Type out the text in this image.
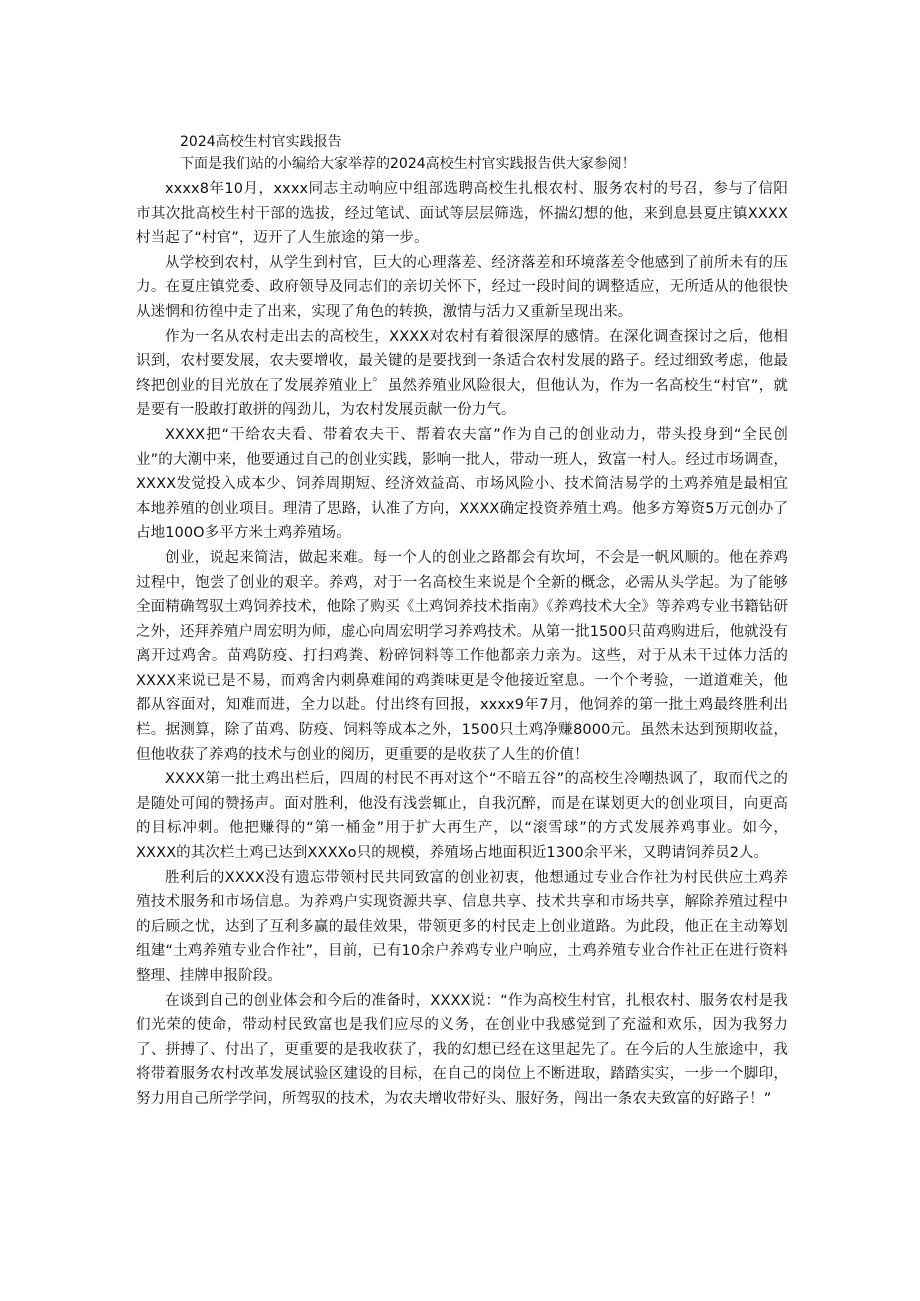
2024高校生村官实践报告

下面是我们站的小编给大家举荐的2024高校生村官实践报告供大家参阅！

xxxx8年10月，xxxx同志主动响应中组部选聘高校生扎根农村、服务农村的号召，参与了信阳市其次批高校生村干部的选拔，经过笔试、面试等层层筛选，怀揣幻想的他，来到息县夏庄镇XXXX村当起了“村官”，迈开了人生旅途的第一步。

从学校到农村，从学生到村官，巨大的心理落差、经济落差和环境落差令他感到了前所未有的压力。在夏庄镇党委、政府领导及同志们的亲切关怀下，经过一段时间的调整适应，无所适从的他很快从迷惘和彷徨中走了出来，实现了角色的转换，激情与活力又重新呈现出来。

作为一名从农村走出去的高校生，XXXX对农村有着很深厚的感情。在深化调查探讨之后，他相识到，农村要发展，农夫要增收，最关键的是要找到一条适合农村发展的路子。经过细致考虑，他最终把创业的目光放在了发展养殖业上゜虽然养殖业风险很大，但他认为，作为一名高校生“村官”，就是要有一股敢打敢拼的闯劲儿，为农村发展贡献一份力气。

XXXX把“干给农夫看、带着农夫干、帮着农夫富”作为自己的创业动力，带头投身到“全民创业”的大潮中来，他要通过自己的创业实践，影响一批人，带动一班人，致富一村人。经过市场调查，XXXX发觉投入成本少、饲养周期短、经济效益高、市场风险小、技术简洁易学的土鸡养殖是最相宜本地养殖的创业项目。理清了思路，认准了方向，XXXX确定投资养殖土鸡。他多方筹资5万元创办了占地100O多平方米土鸡养殖场。

创业，说起来简洁，做起来难。每一个人的创业之路都会有坎坷，不会是一帆风顺的。他在养鸡过程中，饱尝了创业的艰辛。养鸡，对于一名高校生来说是个全新的概念，必需从头学起。为了能够全面精确驾驭土鸡饲养技术，他除了购买《土鸡饲养技术指南》《养鸡技术大全》等养鸡专业书籍钻研之外，还拜养殖户周宏明为师，虚心向周宏明学习养鸡技术。从第一批1500只苗鸡购进后，他就没有离开过鸡舍。苗鸡防疫、打扫鸡粪、粉碎饲料等工作他都亲力亲为。这些，对于从未干过体力活的XXXX来说已是不易，而鸡舍内刺鼻难闻的鸡粪味更是令他接近窒息。一个个考验，一道道难关，他都从容面对，知难而进，全力以赴。付出终有回报，xxxx9年7月，他饲养的第一批土鸡最终胜利出栏。据测算，除了苗鸡、防疫、饲料等成本之外，1500只土鸡净赚8000元。虽然未达到预期收益，但他收获了养鸡的技术与创业的阅历，更重要的是收获了人生的价值！

XXXX第一批土鸡出栏后，四周的村民不再对这个“不暗五谷”的高校生冷嘲热讽了，取而代之的是随处可闻的赞扬声。面对胜利，他没有浅尝辄止，自我沉醉，而是在谋划更大的创业项目，向更高的目标冲刺。他把赚得的“第一桶金”用于扩大再生产，以“滚雪球”的方式发展养鸡事业。如今，XXXX的其次栏土鸡已达到XXXXo只的规模，养殖场占地面积近1300余平米，又聘请饲养员2人。

胜利后的XXXX没有遗忘带领村民共同致富的创业初衷，他想通过专业合作社为村民供应土鸡养殖技术服务和市场信息。为养鸡户实现资源共享、信息共享、技术共享和市场共享，解除养殖过程中的后顾之忧，达到了互利多赢的最佳效果，带领更多的村民走上创业道路。为此段，他正在主动筹划组建“土鸡养殖专业合作社”，目前，已有10余户养鸡专业户响应，土鸡养殖专业合作社正在进行资料整理、挂牌申报阶段。

在谈到自己的创业体会和今后的准备时，XXXX说：“作为高校生村官，扎根农村、服务农村是我们光荣的使命，带动村民致富也是我们应尽的义务，在创业中我感觉到了充溢和欢乐，因为我努力了、拼搏了、付出了，更重要的是我收获了，我的幻想已经在这里起先了。在今后的人生旅途中，我将带着服务农村改革发展试验区建设的目标，在自己的岗位上不断进取，踏踏实实，一步一个脚印，努力用自己所学学问，所驾驭的技术，为农夫增收带好头、服好务，闯出一条农夫致富的好路子！”
